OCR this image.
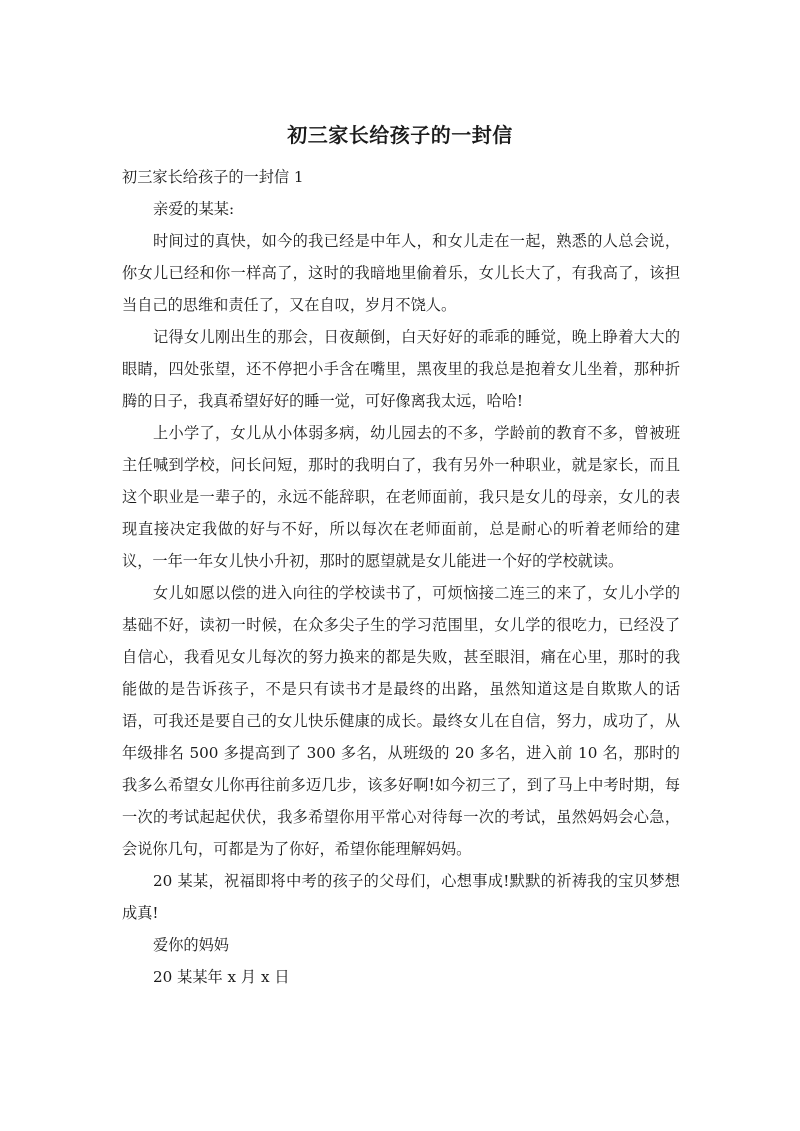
初三家长给孩子的一封信

初三家长给孩子的一封信 1

亲爱的某某:

时间过的真快，如今的我已经是中年人，和女儿走在一起，熟悉的人总会说，你女儿已经和你一样高了，这时的我暗地里偷着乐，女儿长大了，有我高了，该担当自己的思维和责任了，又在自叹，岁月不饶人。

记得女儿刚出生的那会，日夜颠倒，白天好好的乖乖的睡觉，晚上睁着大大的眼睛，四处张望，还不停把小手含在嘴里，黑夜里的我总是抱着女儿坐着，那种折腾的日子，我真希望好好的睡一觉，可好像离我太远，哈哈!

上小学了，女儿从小体弱多病，幼儿园去的不多，学龄前的教育不多，曾被班主任喊到学校，问长问短，那时的我明白了，我有另外一种职业，就是家长，而且这个职业是一辈子的，永远不能辞职，在老师面前，我只是女儿的母亲，女儿的表现直接决定我做的好与不好，所以每次在老师面前，总是耐心的听着老师给的建议，一年一年女儿快小升初，那时的愿望就是女儿能进一个好的学校就读。

女儿如愿以偿的进入向往的学校读书了，可烦恼接二连三的来了，女儿小学的基础不好，读初一时候，在众多尖子生的学习范围里，女儿学的很吃力，已经没了自信心，我看见女儿每次的努力换来的都是失败，甚至眼泪，痛在心里，那时的我能做的是告诉孩子，不是只有读书才是最终的出路，虽然知道这是自欺欺人的话语，可我还是要自己的女儿快乐健康的成长。最终女儿在自信，努力，成功了，从年级排名 500 多提高到了 300 多名，从班级的 20 多名，进入前 10 名，那时的我多么希望女儿你再往前多迈几步，该多好啊!如今初三了，到了马上中考时期，每一次的考试起起伏伏，我多希望你用平常心对待每一次的考试，虽然妈妈会心急，会说你几句，可都是为了你好，希望你能理解妈妈。

20 某某，祝福即将中考的孩子的父母们，心想事成!默默的祈祷我的宝贝梦想成真!

爱你的妈妈

20 某某年 x 月 x 日
